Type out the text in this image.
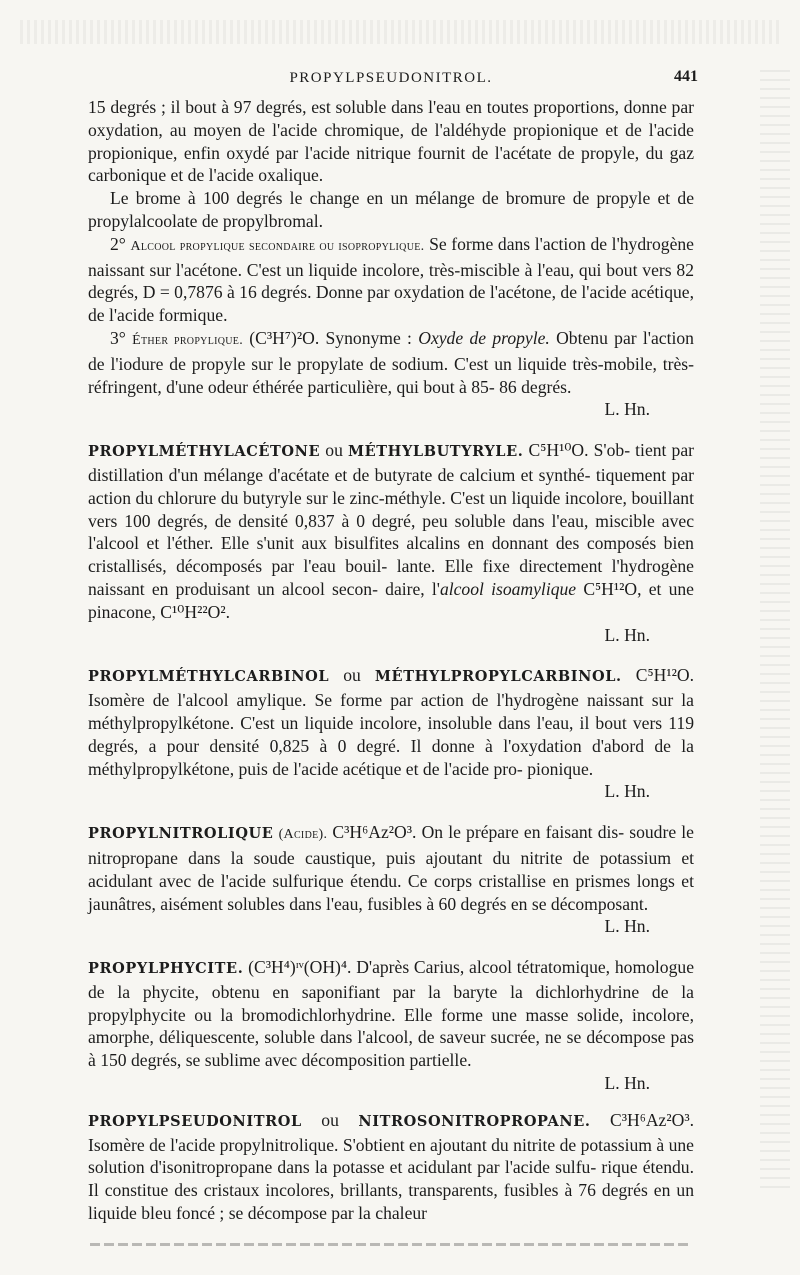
PROPYLPSEUDONITROL.	441

15 degrés ; il bout à 97 degrés, est soluble dans l'eau en toutes proportions, donne par oxydation, au moyen de l'acide chromique, de l'aldéhyde propionique et de l'acide propionique, enfin oxydé par l'acide nitrique fournit de l'acétate de propyle, du gaz carbonique et de l'acide oxalique.

Le brome à 100 degrés le change en un mélange de bromure de propyle et de propylalcoolate de propylbromal.

2° Alcool propylique secondaire ou isopropylique. Se forme dans l'action de l'hydrogène naissant sur l'acétone. C'est un liquide incolore, très-miscible à l'eau, qui bout vers 82 degrés, D = 0,7876 à 16 degrés. Donne par oxydation de l'acétone, de l'acide acétique, de l'acide formique.

3° Éther propylique. (C³H⁷)²O. Synonyme : Oxyde de propyle. Obtenu par l'action de l'iodure de propyle sur le propylate de sodium. C'est un liquide très-mobile, très-réfringent, d'une odeur éthérée particulière, qui bout à 85- 86 degrés.

L. Hn.

PROPYLMÉTHYLACÉTONE ou MÉTHYLBUTYRYLE. C⁵H¹⁰O. S'ob- tient par distillation d'un mélange d'acétate et de butyrate de calcium et synthé- tiquement par action du chlorure du butyryle sur le zinc-méthyle. C'est un liquide incolore, bouillant vers 100 degrés, de densité 0,837 à 0 degré, peu soluble dans l'eau, miscible avec l'alcool et l'éther. Elle s'unit aux bisulfites alcalins en donnant des composés bien cristallisés, décomposés par l'eau bouil- lante. Elle fixe directement l'hydrogène naissant en produisant un alcool secon- daire, l'alcool isoamylique C⁵H¹²O, et une pinacone, C¹⁰H²²O².

L. Hn.

PROPYLMÉTHYLCARBINOL ou MÉTHYLPROPYLCARBINOL. C⁵H¹²O. Isomère de l'alcool amylique. Se forme par action de l'hydrogène naissant sur la méthylpropylkétone. C'est un liquide incolore, insoluble dans l'eau, il bout vers 119 degrés, a pour densité 0,825 à 0 degré. Il donne à l'oxydation d'abord de la méthylpropylkétone, puis de l'acide acétique et de l'acide pro- pionique.

L. Hn.

PROPYLNITROLIQUE (Acide). C³H⁶Az²O³. On le prépare en faisant dis- soudre le nitropropane dans la soude caustique, puis ajoutant du nitrite de potassium et acidulant avec de l'acide sulfurique étendu. Ce corps cristallise en prismes longs et jaunâtres, aisément solubles dans l'eau, fusibles à 60 degrés en se décomposant.

L. Hn.

PROPYLPHYCITE. (C³H⁴)ᶦᵛ(OH)⁴. D'après Carius, alcool tétratomique, homologue de la phycite, obtenu en saponifiant par la baryte la dichlorhydrine de la propylphycite ou la bromodichlorhydrine. Elle forme une masse solide, incolore, amorphe, déliquescente, soluble dans l'alcool, de saveur sucrée, ne se décompose pas à 150 degrés, se sublime avec décomposition partielle.

L. Hn.

PROPYLPSEUDONITROL ou NITROSONITROPROPANE. C³H⁶Az²O³. Isomère de l'acide propylnitrolique. S'obtient en ajoutant du nitrite de potassium à une solution d'isonitropropane dans la potasse et acidulant par l'acide sulfu- rique étendu. Il constitue des cristaux incolores, brillants, transparents, fusibles à 76 degrés en un liquide bleu foncé ; se décompose par la chaleur
